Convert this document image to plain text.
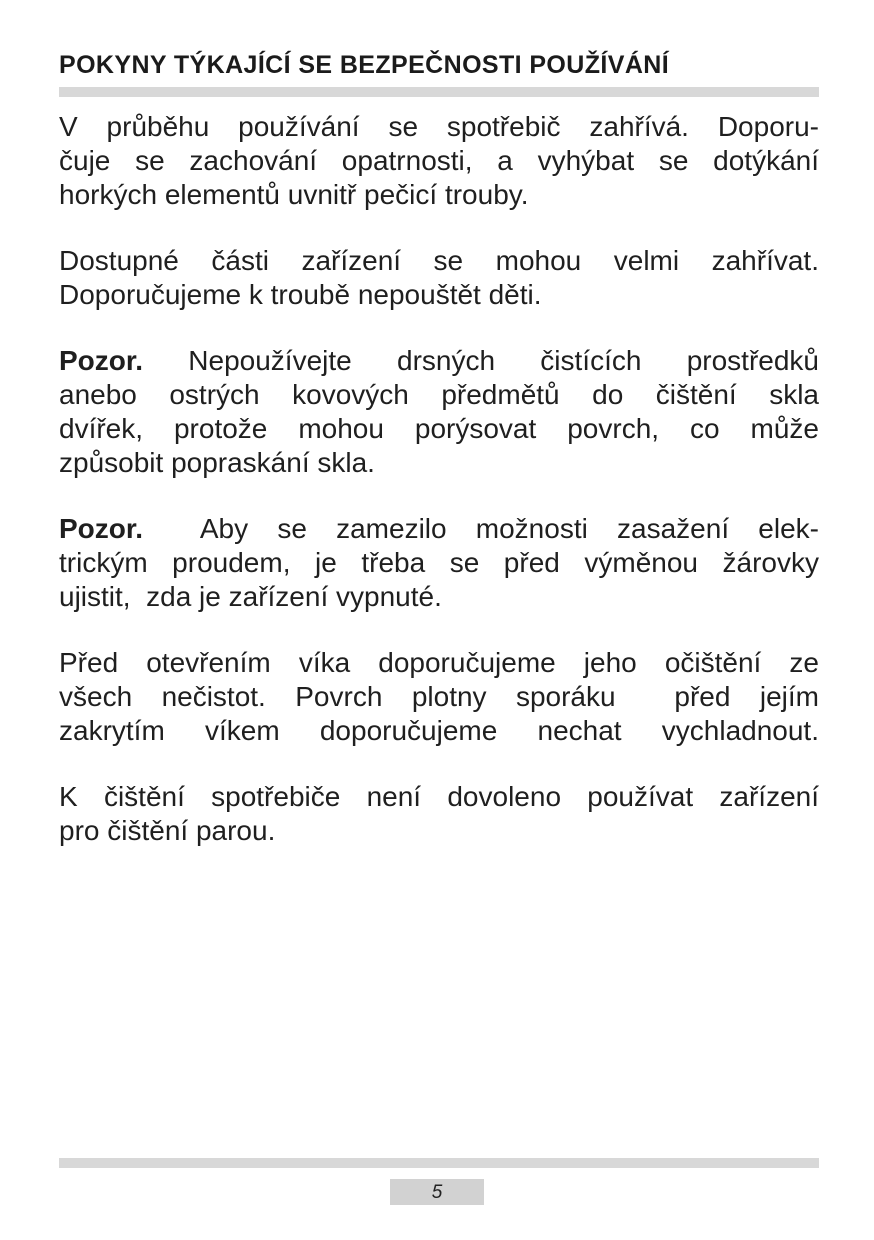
POKYNY TÝKAJÍCÍ SE BEZPEČNOSTI POUŽÍVÁNÍ
V průběhu používání se spotřebič zahřívá. Doporu-
čuje se zachování opatrnosti, a vyhýbat se dotýkání
horkých elementů uvnitř pečicí trouby.
Dostupné části zařízení se mohou velmi zahřívat.
Doporučujeme k troubě nepouštět děti.
Pozor. Nepoužívejte drsných čistících prostředků
anebo ostrých kovových předmětů do čištění skla
dvířek, protože mohou porýsovat povrch, co může
způsobit popraskání skla.
Pozor.  Aby se zamezilo možnosti zasažení elek-
trickým proudem, je třeba se před výměnou žárovky
ujistit,  zda je zařízení vypnuté.
Před otevřením víka doporučujeme jeho očištění ze
všech nečistot. Povrch plotny sporáku  před jejím
zakrytím víkem doporučujeme nechat vychladnout.
K čištění spotřebiče není dovoleno používat zařízení
pro čištění parou.
5
